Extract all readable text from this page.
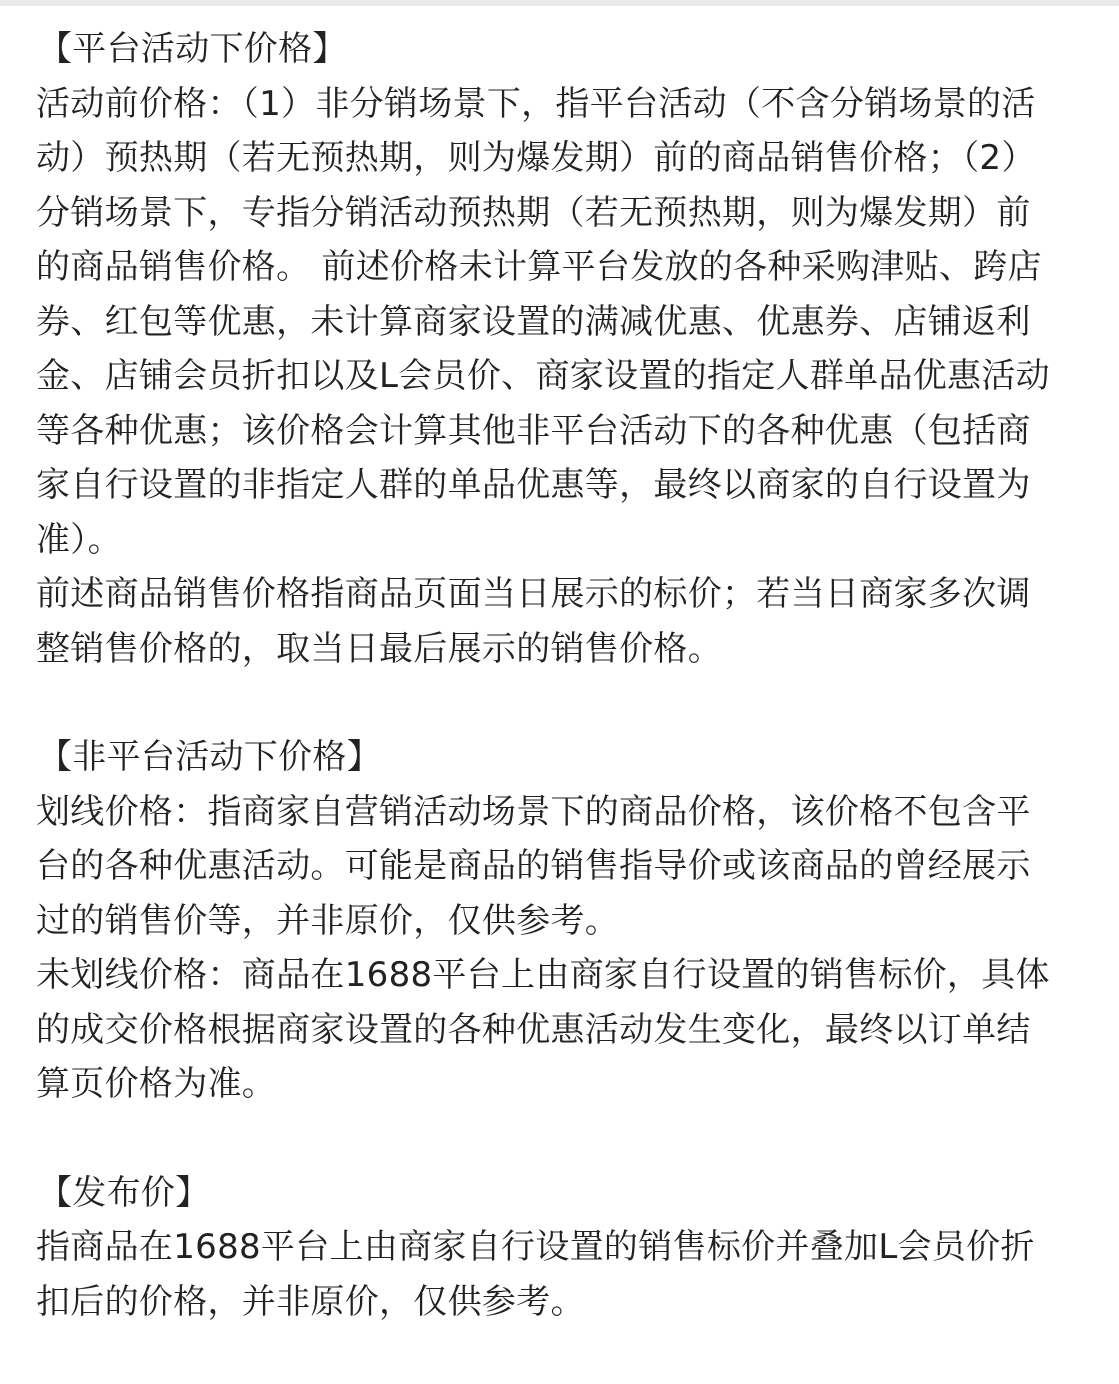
【平台活动下价格】
活动前价格：（1）非分销场景下，指平台活动（不含分销场景的活
动）预热期（若无预热期，则为爆发期）前的商品销售价格；（2）
分销场景下，专指分销活动预热期（若无预热期，则为爆发期）前
的商品销售价格。 前述价格未计算平台发放的各种采购津贴、跨店
券、红包等优惠，未计算商家设置的满减优惠、优惠券、店铺返利
金、店铺会员折扣以及L会员价、商家设置的指定人群单品优惠活动
等各种优惠；该价格会计算其他非平台活动下的各种优惠（包括商
家自行设置的非指定人群的单品优惠等，最终以商家的自行设置为
准）。
前述商品销售价格指商品页面当日展示的标价；若当日商家多次调
整销售价格的，取当日最后展示的销售价格。
【非平台活动下价格】
划线价格：指商家自营销活动场景下的商品价格，该价格不包含平
台的各种优惠活动。可能是商品的销售指导价或该商品的曾经展示
过的销售价等，并非原价，仅供参考。
未划线价格：商品在1688平台上由商家自行设置的销售标价，具体
的成交价格根据商家设置的各种优惠活动发生变化，最终以订单结
算页价格为准。
【发布价】
指商品在1688平台上由商家自行设置的销售标价并叠加L会员价折
扣后的价格，并非原价，仅供参考。
